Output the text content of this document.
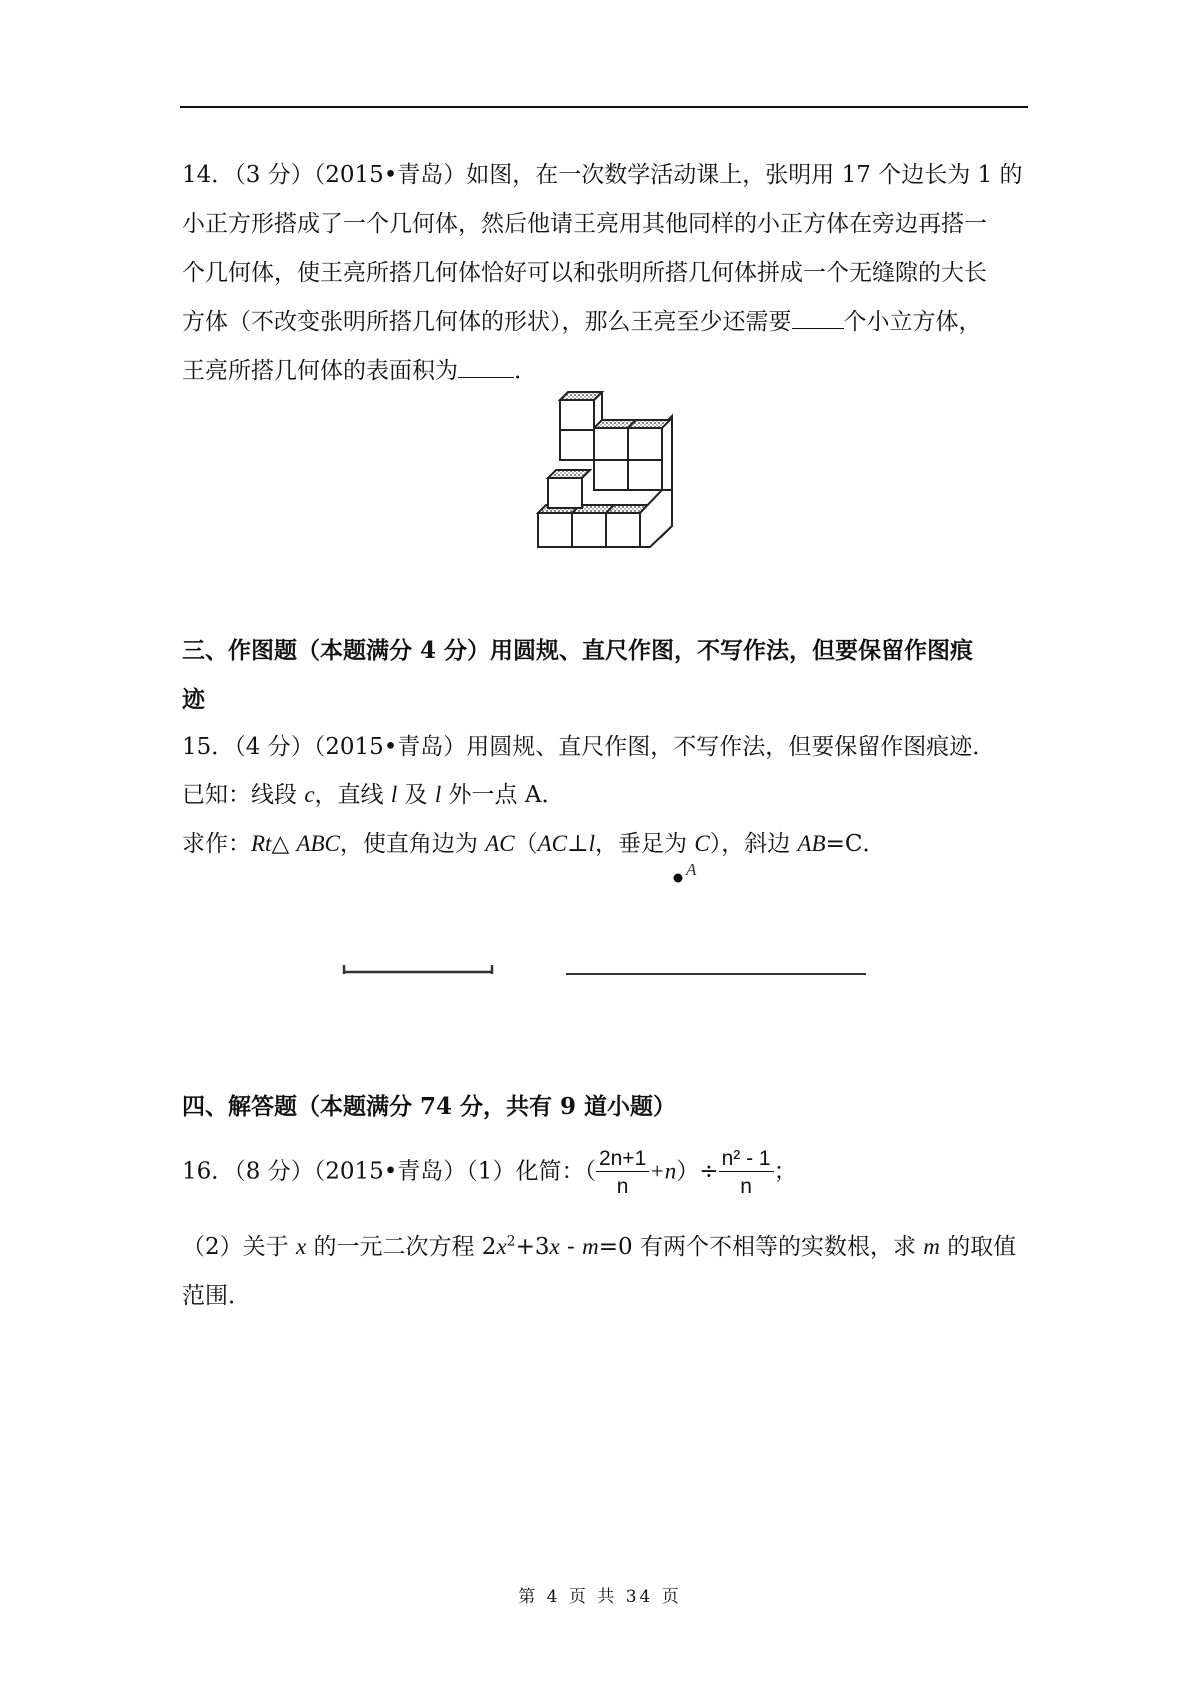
14．（3 分）（2015•青岛）如图，在一次数学活动课上，张明用 17 个边长为 1 的
小正方形搭成了一个几何体，然后他请王亮用其他同样的小正方体在旁边再搭一
个几何体，使王亮所搭几何体恰好可以和张明所搭几何体拼成一个无缝隙的大长
方体（不改变张明所搭几何体的形状），那么王亮至少还需要 个小立方体，
王亮所搭几何体的表面积为 ．
三、作图题（本题满分 4 分）用圆规、直尺作图，不写作法，但要保留作图痕
迹
15．（4 分）（2015•青岛）用圆规、直尺作图，不写作法，但要保留作图痕迹．
已知：线段 c，直线 l 及 l 外一点 A．
求作：Rt△ ABC，使直角边为 AC（AC⊥l，垂足为 C），斜边 AB=C．
A
四、解答题（本题满分 74 分，共有 9 道小题）
16．（8 分）（2015•青岛）（1）化简：（ $\frac{2n+1}{n} +n)\div \frac{\text{n² - 1}}{n}$ ；
（2）关于 x 的一元二次方程 $2x^2+3x - m=0$ 有两个不相等的实数根，求 m 的取值
范围．
第 4 页 共 34 页
